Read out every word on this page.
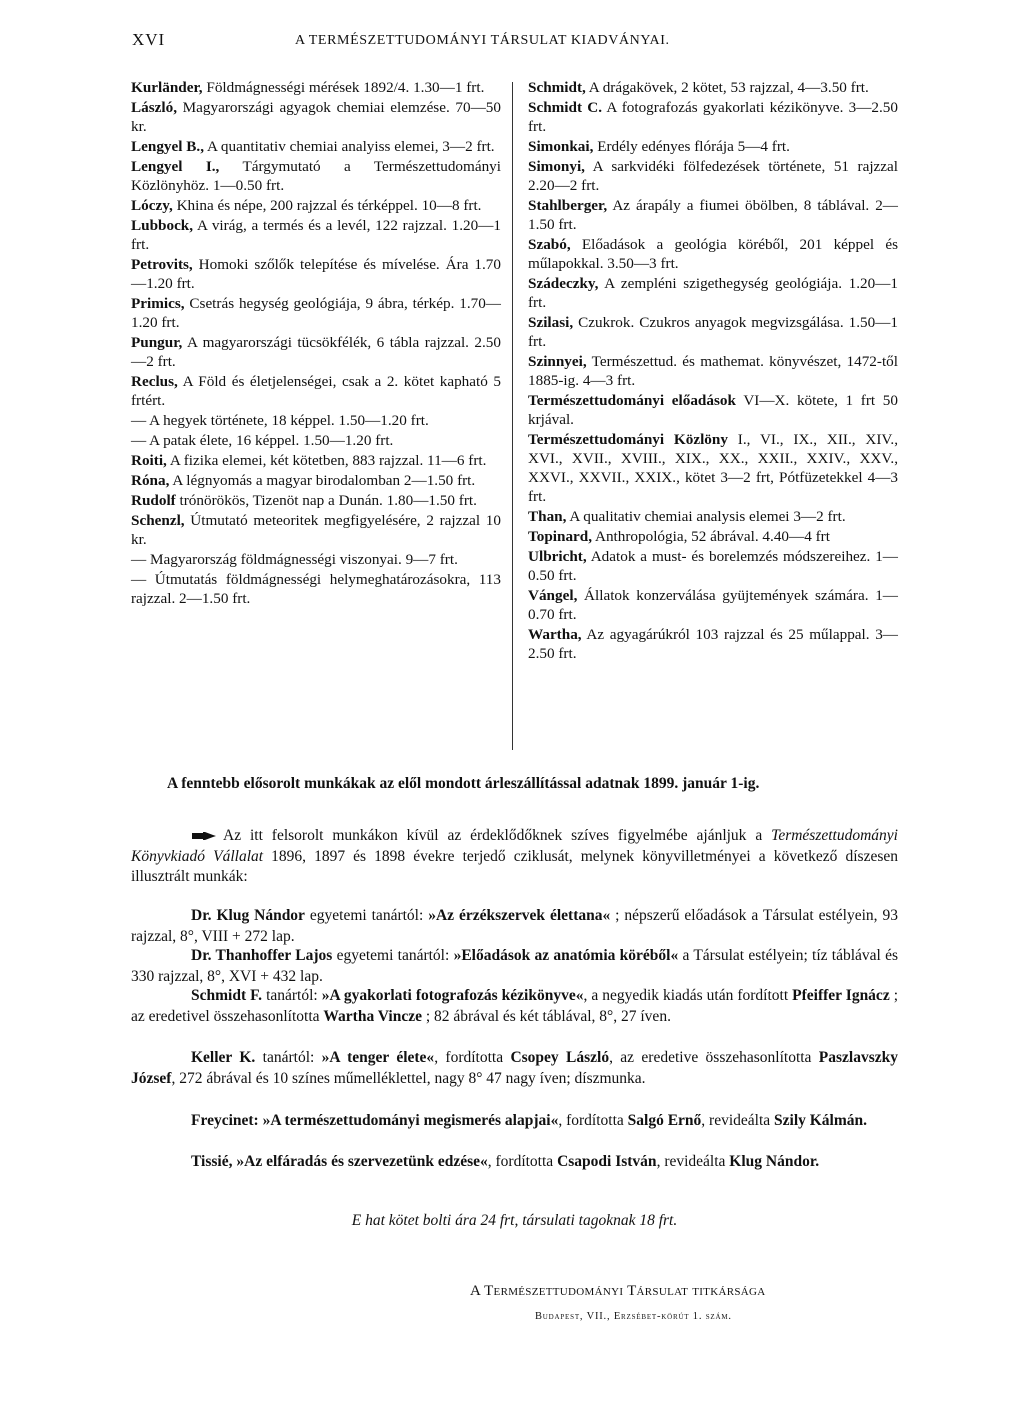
XVI	A TERMÉSZETTUDOMÁNYI TÁRSULAT KIADVÁNYAI.
Kurländer, Földmágnességi mérések 1892/4. 1.30—1 frt.
László, Magyarországi agyagok chemiai elemzése. 70—50 kr.
Lengyel B., A quantitativ chemiai analyiss elemei, 3—2 frt.
Lengyel I., Tárgymutató a Természettudományi Közlönyhöz. 1—0.50 frt.
Lóczy, Khina és népe, 200 rajzzal és térképpel. 10—8 frt.
Lubbock, A virág, a termés és a levél, 122 rajzzal. 1.20—1 frt.
Petrovits, Homoki szőlők telepítése és mívelése. Ára 1.70—1.20 frt.
Primics, Csetrás hegység geológiája, 9 ábra, térkép. 1.70—1.20 frt.
Pungur, A magyarországi tücsökfélék, 6 tábla rajzzal. 2.50—2 frt.
Reclus, A Föld és életjelenségei, csak a 2. kötet kapható 5 frtért.
— A hegyek története, 18 képpel. 1.50—1.20 frt.
— A patak élete, 16 képpel. 1.50—1.20 frt.
Roiti, A fizika elemei, két kötetben, 883 rajzzal. 11—6 frt.
Róna, A légnyomás a magyar birodalomban 2—1.50 frt.
Rudolf trónörökös, Tizenöt nap a Dunán. 1.80—1.50 frt.
Schenzl, Útmutató meteoritek megfigyelésére, 2 rajzzal 10 kr.
— Magyarország földmágnességi viszonyai. 9—7 frt.
— Útmutatás földmágnességi helymeghatározásokra, 113 rajzzal. 2—1.50 frt.
Schmidt, A drágakövek, 2 kötet, 53 rajzzal, 4—3.50 frt.
Schmidt C. A fotografozás gyakorlati kézikönyve. 3—2.50 frt.
Simonkai, Erdély edényes flórája 5—4 frt.
Simonyi, A sarkvidéki fölfedezések története, 51 rajzzal 2.20—2 frt.
Stahlberger, Az árapály a fiumei öbölben, 8 táblával. 2—1.50 frt.
Szabó, Előadások a geológia köréből, 201 képpel és műlapokkal. 3.50—3 frt.
Szádeczky, A zempléni szigethegység geológiája. 1.20—1 frt.
Szilasi, Czukrok. Czukros anyagok megvizsgálása. 1.50—1 frt.
Szinnyei, Természettud. és mathemat. könyvészet, 1472-től 1885-ig. 4—3 frt.
Természettudományi előadások VI—X. kötete, 1 frt 50 krjával.
Természettudományi Közlöny I., VI., IX., XII., XIV., XVI., XVII., XVIII., XIX., XX., XXII., XXIV., XXV., XXVI., XXVII., XXIX., kötet 3—2 frt, Pótfüzetekkel 4—3 frt.
Than, A qualitativ chemiai analysis elemei 3—2 frt.
Topinard, Anthropológia, 52 ábrával. 4.40—4 frt
Ulbricht, Adatok a must- és borelemzés módszereihez. 1—0.50 frt.
Vángel, Állatok konzerválása gyüjtemények számára. 1—0.70 frt.
Wartha, Az agyagárúkról 103 rajzzal és 25 műlappal. 3—2.50 frt.
A fenntebb elősorolt munkákak az elől mondott árleszállítással adatnak 1899. január 1-ig.
Az itt felsorolt munkákon kívül az érdeklődőknek szíves figyelmébe ajánljuk a Természettudományi Könyvkiadó Vállalat 1896, 1897 és 1898 évekre terjedő cziklusát, melynek könyvilletményei a következő díszesen illusztrált munkák:
Dr. Klug Nándor egyetemi tanártól: »Az érzékszervek élettana« ; népszerű előadások a Társulat estélyein, 93 rajzzal, 8°, VIII + 272 lap.
Dr. Thanhoffer Lajos egyetemi tanártól: »Előadások az anatómia köréből« a Társulat estélyein; tíz táblával és 330 rajzzal, 8°, XVI + 432 lap.
Schmidt F. tanártól: »A gyakorlati fotografozás kézikönyve«, a negyedik kiadás után fordított Pfeiffer Ignácz ; az eredetivel összehasonlította Wartha Vincze ; 82 ábrával és két táblával, 8°, 27 íven.
Keller K. tanártól: »A tenger élete«, fordította Csopey László, az eredetive összehasonlította Paszlavszky József, 272 ábrával és 10 színes műmelléklettel, nagy 8° 47 nagy íven; díszmunka.
Freycinet: »A természettudományi megismerés alapjai«, fordította Salgó Ernő, revideálta Szily Kálmán.
Tissié, »Az elfáradás és szervezetünk edzése«, fordította Csapodi István, revideálta Klug Nándor.
E hat kötet bolti ára 24 frt, társulati tagoknak 18 frt.
A Természettudományi Társulat titkársága
Budapest, VII., Erzsébet-körút 1. szám.
